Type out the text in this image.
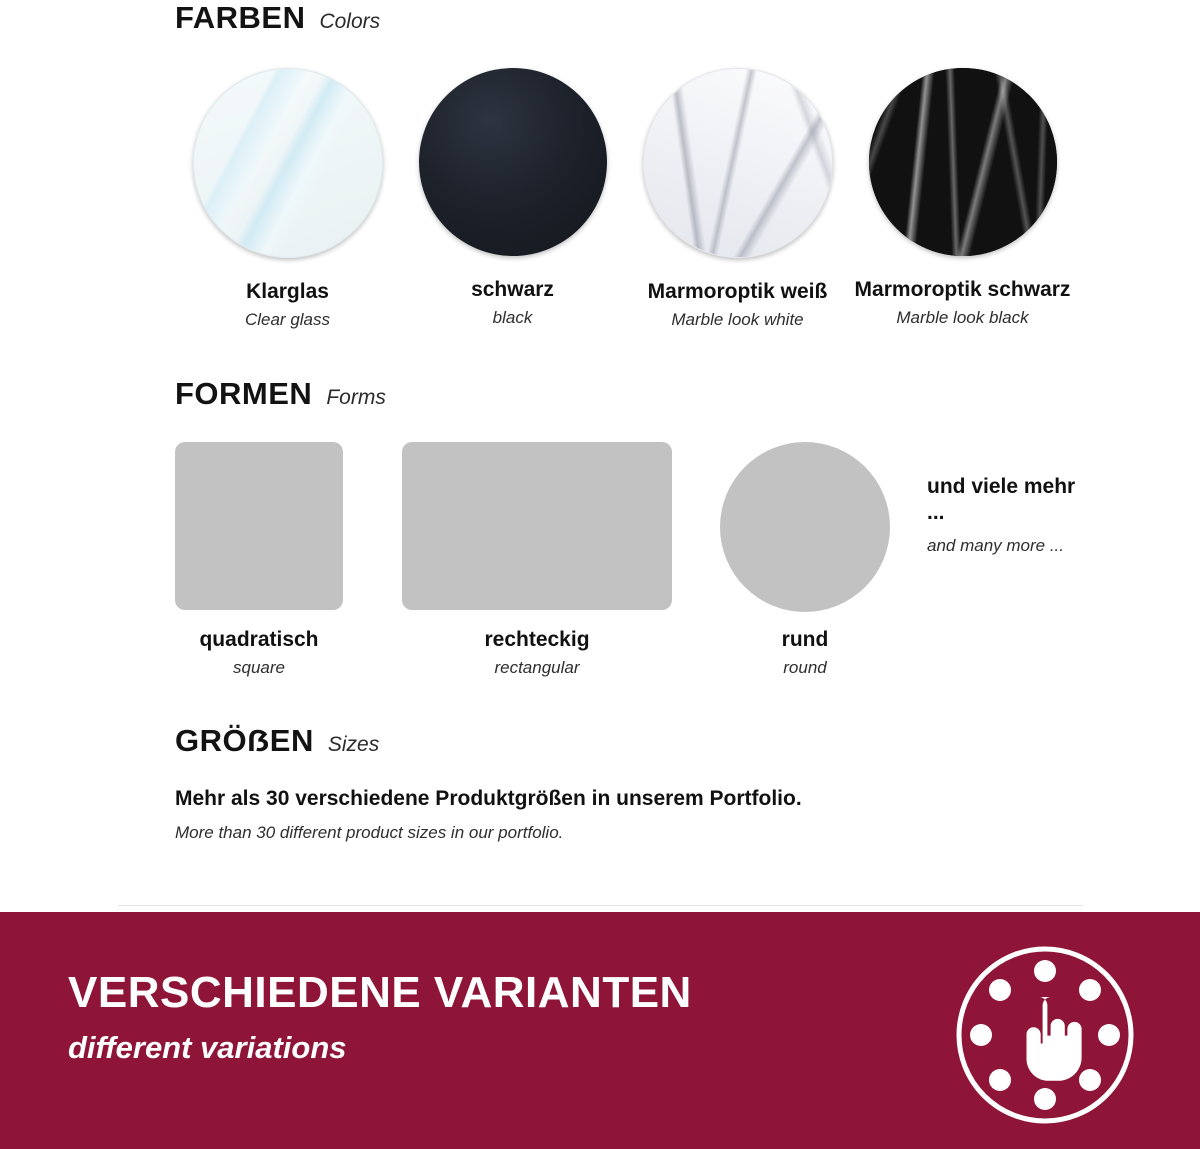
FARBEN Colors
Klarglas
Clear glass
schwarz
black
Marmoroptik weiß
Marble look white
Marmoroptik schwarz
Marble look black
FORMEN Forms
quadratisch
square
rechteckig
rectangular
rund
round
und viele mehr ...
and many more ...
GRÖẞEN Sizes
Mehr als 30 verschiedene Produktgrößen in unserem Portfolio.
More than 30 different product sizes in our portfolio.
VERSCHIEDENE VARIANTEN
different variations
